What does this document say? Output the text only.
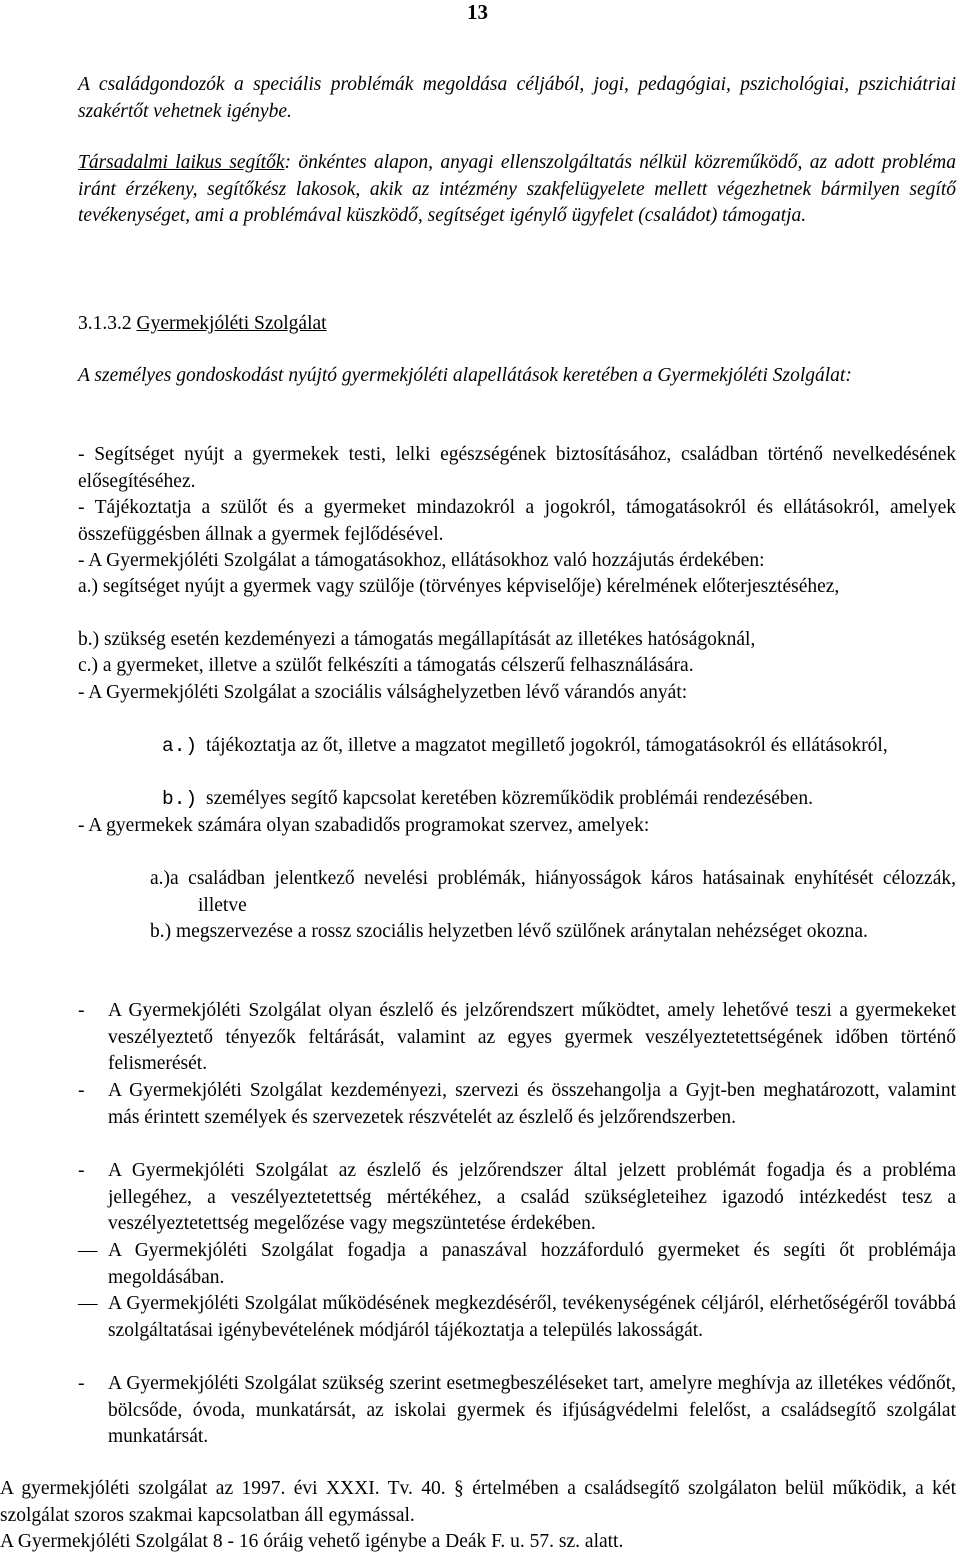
13

A családgondozók a speciális problémák megoldása céljából, jogi, pedagógiai, pszichológiai, pszichiátriai szakértőt vehetnek igénybe.

Társadalmi laikus segítők: önkéntes alapon, anyagi ellenszolgáltatás nélkül közreműködő, az adott probléma iránt érzékeny, segítőkész lakosok, akik az intézmény szakfelügyelete mellett végezhetnek bármilyen segítő tevékenységet, ami a problémával küszködő, segítséget igénylő ügyfelet (családot) támogatja.

3.1.3.2 Gyermekjóléti Szolgálat

A személyes gondoskodást nyújtó gyermekjóléti alapellátások keretében a Gyermekjóléti Szolgálat:

- Segítséget nyújt a gyermekek testi, lelki egészségének biztosításához, családban történő nevelkedésének elősegítéséhez.

- Tájékoztatja a szülőt és a gyermeket mindazokról a jogokról, támogatásokról és ellátásokról, amelyek összefüggésben állnak a gyermek fejlődésével.

- A Gyermekjóléti Szolgálat a támogatásokhoz, ellátásokhoz való hozzájutás érdekében:

a.) segítséget nyújt a gyermek vagy szülője (törvényes képviselője) kérelmének előterjesztéséhez,

b.) szükség esetén kezdeményezi a támogatás megállapítását az illetékes hatóságoknál,

c.) a gyermeket, illetve a szülőt felkészíti a támogatás célszerű felhasználására.

- A Gyermekjóléti Szolgálat a szociális válsághelyzetben lévő várandós anyát:

a.) tájékoztatja az őt, illetve a magzatot megillető jogokról, támogatásokról és ellátásokról,
b.) személyes segítő kapcsolat keretében közreműködik problémái rendezésében.

- A gyermekek számára olyan szabadidős programokat szervez, amelyek:

a.)a családban jelentkező nevelési problémák, hiányosságok káros hatásainak enyhítését célozzák, illetve

b.) megszervezése a rossz szociális helyzetben lévő szülőnek aránytalan nehézséget okozna.

-	A Gyermekjóléti Szolgálat olyan észlelő és jelzőrendszert működtet, amely lehetővé teszi a gyermekeket veszélyeztető tényezők feltárását, valamint az egyes gyermek veszélyeztetettségének időben történő felismerését.
-	A Gyermekjóléti Szolgálat kezdeményezi, szervezi és összehangolja a Gyjt-ben meghatározott, valamint más érintett személyek és szervezetek részvételét az észlelő és jelzőrendszerben.
-	A Gyermekjóléti Szolgálat az észlelő és jelzőrendszer által jelzett problémát fogadja és a probléma jellegéhez, a veszélyeztetettség mértékéhez, a család szükségleteihez igazodó intézkedést tesz a veszélyeztetettség megelőzése vagy megszüntetése érdekében.
— A Gyermekjóléti Szolgálat fogadja a panaszával hozzáforduló gyermeket és segíti őt problémája megoldásában.
— A Gyermekjóléti Szolgálat működésének megkezdéséről, tevékenységének céljáról, elérhetőségéről továbbá szolgáltatásai igénybevételének módjáról tájékoztatja a település lakosságát.
-	A Gyermekjóléti Szolgálat szükség szerint esetmegbeszéléseket tart, amelyre meghívja az illetékes védőnőt, bölcsőde, óvoda, munkatársát, az iskolai gyermek és ifjúságvédelmi felelőst, a családsegítő szolgálat munkatársát.

A gyermekjóléti szolgálat az 1997. évi XXXI. Tv. 40. § értelmében a családsegítő szolgálaton belül működik, a két szolgálat szoros szakmai kapcsolatban áll egymással.

A Gyermekjóléti Szolgálat 8 - 16 óráig vehető igénybe a Deák F. u. 57. sz. alatt.
